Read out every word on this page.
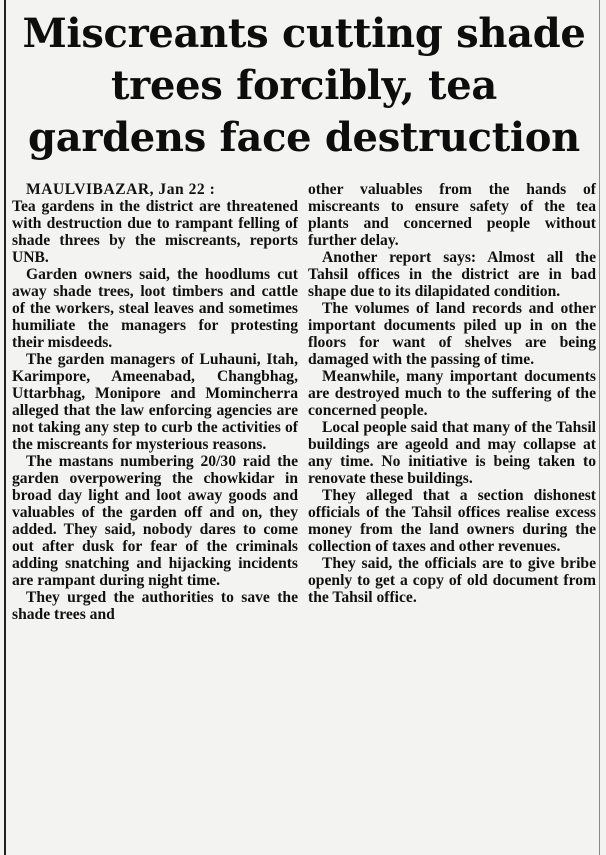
Miscreants cutting shade
trees forcibly, tea
gardens face destruction

MAULVIBAZAR, Jan 22 :

Tea gardens in the district are threatened with destruction due to rampant felling of shade threes by the miscreants, reports UNB.

Garden owners said, the hoodlums cut away shade trees, loot timbers and cattle of the workers, steal leaves and sometimes humiliate the managers for protesting their misdeeds.

The garden managers of Luhauni, Itah, Karimpore, Ameenabad, Changbhag, Uttarbhag, Monipore and Momincherra alleged that the law enforcing agencies are not taking any step to curb the activities of the miscreants for mysterious reasons.

The mastans numbering 20/30 raid the garden overpowering the chowkidar in broad day light and loot away goods and valuables of the garden off and on, they added. They said, nobody dares to come out after dusk for fear of the criminals adding snatching and hijacking incidents are rampant during night time.

They urged the authorities to save the shade trees and

other valuables from the hands of miscreants to ensure safety of the tea plants and concerned people without further delay.

Another report says: Almost all the Tahsil offices in the district are in bad shape due to its dilapidated condition.

The volumes of land records and other important documents piled up in on the floors for want of shelves are being damaged with the passing of time.

Meanwhile, many important documents are destroyed much to the suffering of the concerned people.

Local people said that many of the Tahsil buildings are ageold and may collapse at any time. No initiative is being taken to renovate these buildings.

They alleged that a section dishonest officials of the Tahsil offices realise excess money from the land owners during the collection of taxes and other revenues.

They said, the officials are to give bribe openly to get a copy of old document from the Tahsil office.
